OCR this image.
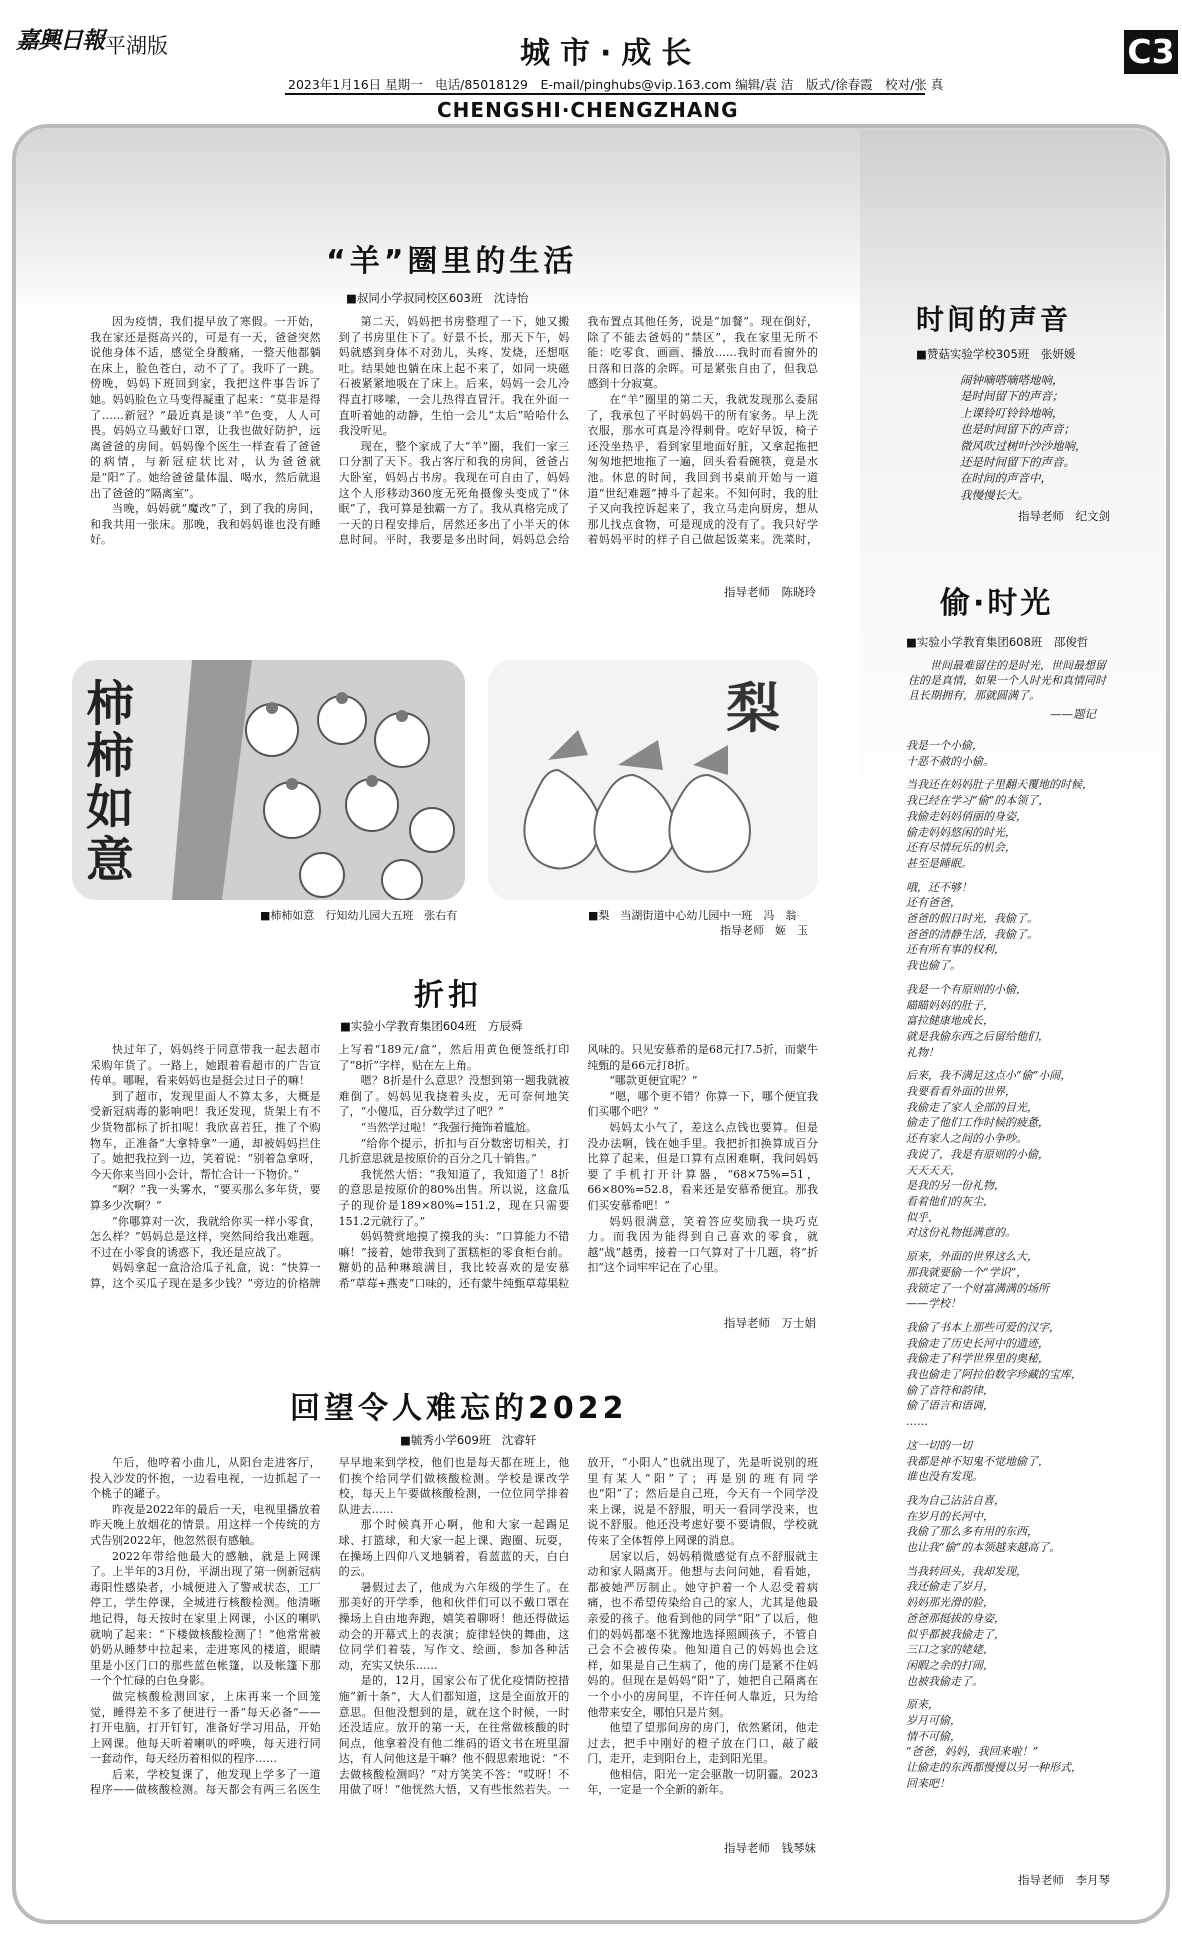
嘉興日報 平湖版	城市·成长	C3
2023年1月16日 星期一　电话/85018129　E-mail/pinghubs@vip.163.com 编辑/袁 洁　版式/徐春霞　校对/张 真
CHENGSHI·CHENGZHANG
“羊”圈里的生活
■叔同小学叔同校区603班　沈诗怡

因为疫情，我们提早放了寒假。一开始，我在家还是挺高兴的，可是有一天，爸爸突然说他身体不适，感觉全身酸痛，一整天他都躺在床上，脸色苍白，动不了了。我吓了一跳。傍晚，妈妈下班回到家，我把这件事告诉了她。妈妈脸色立马变得凝重了起来：“莫非是得了……新冠？”最近真是谈“羊”色变，人人可畏。妈妈立马戴好口罩，让我也做好防护，远离爸爸的房间。妈妈像个医生一样查看了爸爸的病情，与新冠症状比对，认为爸爸就是“阳”了。她给爸爸量体温、喝水，然后就退出了爸爸的“隔离室”。

当晚，妈妈就“魔改”了，到了我的房间，和我共用一张床。那晚，我和妈妈谁也没有睡好。

第二天，妈妈把书房整理了一下，她又搬到了书房里住下了。好景不长，那天下午，妈妈就感到身体不对劲儿，头疼、发烧，还想呕吐。结果她也躺在床上起不来了，如同一块磁石被紧紧地吸在了床上。后来，妈妈一会儿冷得直打哆嗦，一会儿热得直冒汗。我在外面一直听着她的动静，生怕一会儿“太后”哈哈什么我没听见。

现在，整个家成了大“羊”圈，我们一家三口分割了天下。我占客厅和我的房间，爸爸占大卧室，妈妈占书房。我现在可自由了，妈妈这个人形移动360度无死角摄像头变成了“休眠”了，我可算是独霸一方了。我从真格完成了一天的日程安排后，居然还多出了小半天的休息时间。平时，我要是多出时间，妈妈总会给我布置点其他任务，说是“加餐”。现在倒好，除了不能去爸妈的“禁区”，我在家里无所不能：吃零食、画画、播放……我时而看窗外的日落和日落的余晖。可是紧张自由了，但我总感到十分寂寞。

在“羊”圈里的第二天，我就发现那么委屈了，我承包了平时妈妈干的所有家务。早上洗衣服，那水可真是冷得刺骨。吃好早饭，椅子还没坐热乎，看到家里地面好脏，又拿起拖把匆匆地把地拖了一遍，回头看看碗筷，竟是水池。休息的时间，我回到书桌前开始与一道道“世纪难题”搏斗了起来。不知何时，我的肚子又向我控诉起来了，我立马走向厨房，想从那儿找点食物，可是现成的没有了。我只好学着妈妈平时的样子自己做起饭菜来。洗菜时，

指导老师　陈晓玲
柿柿如意
■柿柿如意　行知幼儿园大五班　张右有
梨
■梨　当湖街道中心幼儿园中一班　冯　翁
指导老师　姬　玉
折扣
■实验小学教育集团604班　方辰舜

快过年了，妈妈终于同意带我一起去超市采购年货了。一路上，她跟着看超市的广告宣传单。哪喔，看来妈妈也是挺会过日子的嘛！

到了超市，发现里面人不算太多，大概是受新冠病毒的影响吧！我还发现，货架上有不少货物都标了折扣呢！我欣喜若狂，推了个购物车，正准备“大拿特拿”一通，却被妈妈拦住了。她把我拉到一边，笑着说：“别着急拿呀，今天你来当回小会计，帮忙合计一下物价。”

“啊？”我一头雾水，“要买那么多年货，要算多少次啊？”

“你哪算对一次，我就给你买一样小零食，怎么样？”妈妈总是这样，突然间给我出难题。不过在小零食的诱惑下，我还是应战了。

妈妈拿起一盒洽洽瓜子礼盒，说：“快算一算，这个买瓜子现在是多少钱？”旁边的价格牌上写着“189元/盒”，然后用黄色便签纸打印了“8折”字样，贴在左上角。

嗯？8折是什么意思？没想到第一题我就被难倒了。妈妈见我挠着头皮，无可奈何地笑了，“小傻瓜，百分数学过了吧？”

“当然学过啦！”我强行掩饰着尴尬。

“给你个提示，折扣与百分数密切相关，打几折意思就是按原价的百分之几十销售。”

我恍然大悟：“我知道了，我知道了！8折的意思是按原价的80%出售。所以说，这盒瓜子的现价是189×80%=151.2，现在只需要151.2元就行了。”

妈妈赞赏地摸了摸我的头：“口算能力不错嘛！”接着，她带我到了蛋糕柜的零食柜台前。糖奶的品种琳琅满目，我比较喜欢的是安慕希“草莓+燕麦”口味的，还有蒙牛纯甄草莓果粒风味的。只见安慕希的是68元打7.5折，而蒙牛纯甄的是66元打8折。

“哪款更便宜呢？”

“嗯，哪个更不错？你算一下，哪个便宜我们买哪个吧？”

妈妈太小气了，差这么点钱也要算。但是没办法啊，钱在她手里。我把折扣换算成百分比算了起来，但是口算有点困难啊，我问妈妈要了手机打开计算器，“68×75%=51，66×80%=52.8，看来还是安慕希便宜。那我们买安慕希吧！”

妈妈很满意，笑着答应奖励我一块巧克力。而我因为能得到自己喜欢的零食，就越“战”越勇，接着一口气算对了十几题，将“折扣”这个词牢牢记在了心里。

指导老师　万士娟
回望令人难忘的2022
■毓秀小学609班　沈睿轩

午后，他哼着小曲儿，从阳台走进客厅，投入沙发的怀抱，一边看电视，一边抓起了一个桃子的罐子。

昨夜是2022年的最后一天，电视里播放着昨天晚上放烟花的情景。用这样一个传统的方式告别2022年，他忽然很有感触。

2022年带给他最大的感触，就是上网课了。上半年的3月份，平湖出现了第一例新冠病毒阳性感染者，小城便进入了警戒状态，工厂停工，学生停课，全城进行核酸检测。他清晰地记得，每天按时在家里上网课，小区的喇叭就响了起来：“下楼做核酸检测了！”他常常被奶奶从睡梦中拉起来，走进寒风的楼道，眼睛里是小区门口的那些蓝色帐篷，以及帐篷下那一个个忙碌的白色身影。

做完核酸检测回家，上床再来一个回笼觉，睡得差不多了便进行一番“每天必备”——打开电脑，打开钉钉，准备好学习用品，开始上网课。他每天听着喇叭的呼唤，每天进行同一套动作，每天经历着相似的程序……

后来，学校复课了，他发现上学多了一道程序——做核酸检测。每天都会有两三名医生早早地来到学校，他们也是每天都在班上，他们挨个给同学们做核酸检测。学校是课改学校，每天上午要做核酸检测，一位位同学排着队进去……

那个时候真开心啊，他和大家一起踢足球、打篮球，和大家一起上课、跑圈、玩耍，在操场上四仰八叉地躺着，看蓝蓝的天，白白的云。

暑假过去了，他成为六年级的学生了。在那美好的开学季，他和伙伴们可以不戴口罩在操场上自由地奔跑，嬉笑着聊呀！他还得做运动会的开幕式上的表演；旋律轻快的舞曲，这位同学们着装，写作文、绘画，参加各种活动，充实又快乐……

是的，12月，国家公布了优化疫情防控措施“新十条”，大人们都知道，这是全面放开的意思。但他没想到的是，就在这个时候，一时还没适应。放开的第一天，在往常做核酸的时间点，他拿着没有他二维码的语文书在班里溜达，有人问他这是干嘛？他不假思索地说：“不去做核酸检测吗？”对方笑笑不答：“哎呀！不用做了呀！”他恍然大悟，又有些怅然若失。一放开，“小阳人”也就出现了，先是听说别的班里有某人“阳”了；再是别的班有同学也“阳”了；然后是自己班，今天有一个同学没来上课，说是不舒服，明天一看同学没来，也说不舒服。他还没考虑好要不要请假，学校就传来了全体暂停上网课的消息。

居家以后，妈妈稍微感觉有点不舒服就主动和家人隔离开。他想与去问问她，看看她，都被她严厉制止。她守护着一个人忍受着病痛，也不希望传染给自己的家人，尤其是他最亲爱的孩子。他看到他的同学“阳”了以后，他们的妈妈都毫不犹豫地选择照顾孩子，不管自己会不会被传染。他知道自己的妈妈也会这样，如果是自己生病了，他的房门是紧不住妈妈的。但现在是妈妈“阳”了，她把自己隔离在一个小小的房间里，不许任何人靠近，只为给他带来安全，哪怕只是片刻。

他望了望那间房的房门，依然紧闭，他走过去，把手中刚好的橙子放在门口，敲了敲门，走开，走到阳台上，走到阳光里。

他相信，阳光一定会驱散一切阴霾。2023年，一定是一个全新的新年。

指导老师　钱琴妹
时间的声音
■赞菇实验学校305班　张妍媛
闹钟嘀嗒嘀嗒地响，
是时间留下的声音；
上课铃叮铃铃地响，
也是时间留下的声音；
微风吹过树叶沙沙地响，
还是时间留下的声音。
在时间的声音中，
我慢慢长大。
指导老师　纪文剑
偷·时光
■实验小学教育集团608班　邵俊哲
世间最难留住的是时光，世间最想留住的是真情，如果一个人时光和真情同时且长期拥有，那就圆满了。
——题记
我是一个小偷，
十恶不赦的小偷。
当我还在妈妈肚子里翻天覆地的时候，
我已经在学习“偷”的本领了，
我偷走妈妈俏丽的身姿，
偷走妈妈悠闲的时光，
还有尽情玩乐的机会，
甚至是睡眠。
哦，还不够！
还有爸爸，
爸爸的假日时光，我偷了。
爸爸的清静生活，我偷了。
还有所有事的权利，
我也偷了。
我是一个有原则的小偷，
瞄瞄妈妈的肚子，
富拉健康地成长，
就是我偷东西之后留给他们，
礼物！
后来，我不满足这点小“偷”小闹，
我要看看外面的世界，
我偷走了家人全部的目光，
偷走了他们工作时候的疲惫，
还有家人之间的小争吵。
我说了，我是有原则的小偷，
天天天天，
是我的另一份礼物，
看着他们的灰尘，
似乎，
对这份礼物挺满意的。
原来，外面的世界这么大，
那我就要偷一个“学识”，
我锁定了一个财富满满的场所
——学校！
我偷了书本上那些可爱的汉字，
我偷走了历史长河中的遗迹，
我偷走了科学世界里的奥秘，
我也偷走了阿拉伯数字珍藏的宝库，
偷了音符和韵律，
偷了语言和语调，
……
这一切的一切
我都是神不知鬼不觉地偷了，
谁也没有发现。
我为自己沾沾自喜，
在岁月的长河中，
我偷了那么多有用的东西，
也让我“偷”的本领越来越高了。
当我转回头，我却发现，
我还偷走了岁月，
妈妈那光滑的脸，
爸爸那挺拔的身姿，
似乎都被我偷走了，
三口之家的姥姥，
闲暇之余的打闹，
也被我偷走了。
原来，
岁月可偷，
情不可偷，
“爸爸，妈妈，我回来啦！”
让偷走的东西都慢慢以另一种形式，
回来吧！
指导老师　李月琴
